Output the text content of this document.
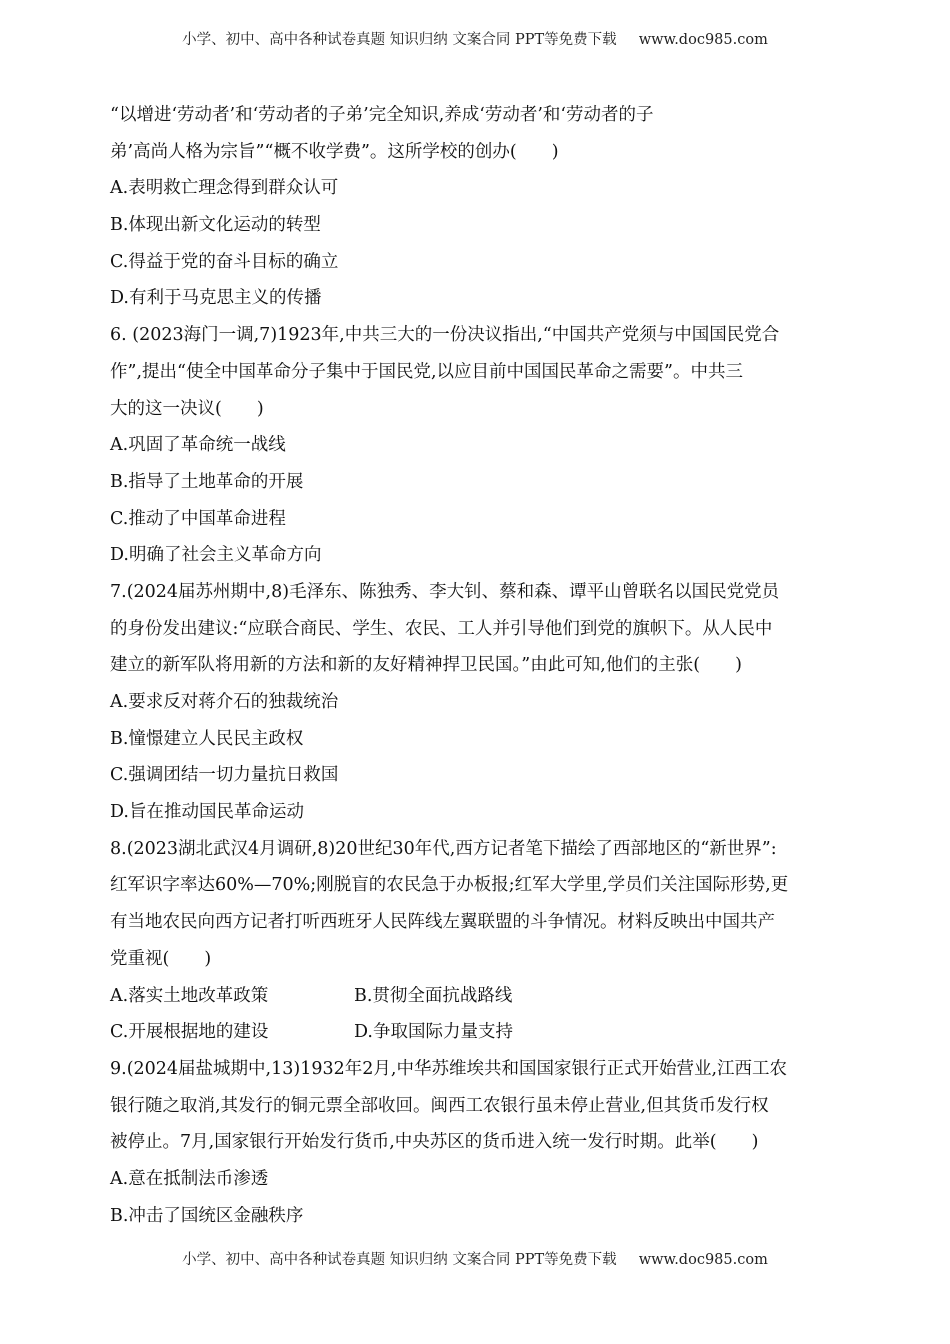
小学、初中、高中各种试卷真题 知识归纳 文案合同 PPT等免费下载 www.doc985.com
“以增进‘劳动者’和‘劳动者的子弟’完全知识,养成‘劳动者’和‘劳动者的子
弟’高尚人格为宗旨”“概不收学费”。这所学校的创办(　　)
A.表明救亡理念得到群众认可
B.体现出新文化运动的转型
C.得益于党的奋斗目标的确立
D.有利于马克思主义的传播
6. (2023海门一调,7)1923年,中共三大的一份决议指出,“中国共产党须与中国国民党合
作”,提出“使全中国革命分子集中于国民党,以应目前中国国民革命之需要”。中共三
大的这一决议(　　)
A.巩固了革命统一战线
B.指导了土地革命的开展
C.推动了中国革命进程
D.明确了社会主义革命方向
7.(2024届苏州期中,8)毛泽东、陈独秀、李大钊、蔡和森、谭平山曾联名以国民党党员
的身份发出建议:“应联合商民、学生、农民、工人并引导他们到党的旗帜下。从人民中
建立的新军队将用新的方法和新的友好精神捍卫民国。”由此可知,他们的主张(　　)
A.要求反对蒋介石的独裁统治
B.憧憬建立人民民主政权
C.强调团结一切力量抗日救国
D.旨在推动国民革命运动
8.(2023湖北武汉4月调研,8)20世纪30年代,西方记者笔下描绘了西部地区的“新世界”:
红军识字率达60%—70%;刚脱盲的农民急于办板报;红军大学里,学员们关注国际形势,更
有当地农民向西方记者打听西班牙人民阵线左翼联盟的斗争情况。材料反映出中国共产
党重视(　　)
A.落实土地改革政策	B.贯彻全面抗战路线
C.开展根据地的建设	D.争取国际力量支持
9.(2024届盐城期中,13)1932年2月,中华苏维埃共和国国家银行正式开始营业,江西工农
银行随之取消,其发行的铜元票全部收回。闽西工农银行虽未停止营业,但其货币发行权
被停止。7月,国家银行开始发行货币,中央苏区的货币进入统一发行时期。此举(　　)
A.意在抵制法币渗透
B.冲击了国统区金融秩序
小学、初中、高中各种试卷真题 知识归纳 文案合同 PPT等免费下载 www.doc985.com
